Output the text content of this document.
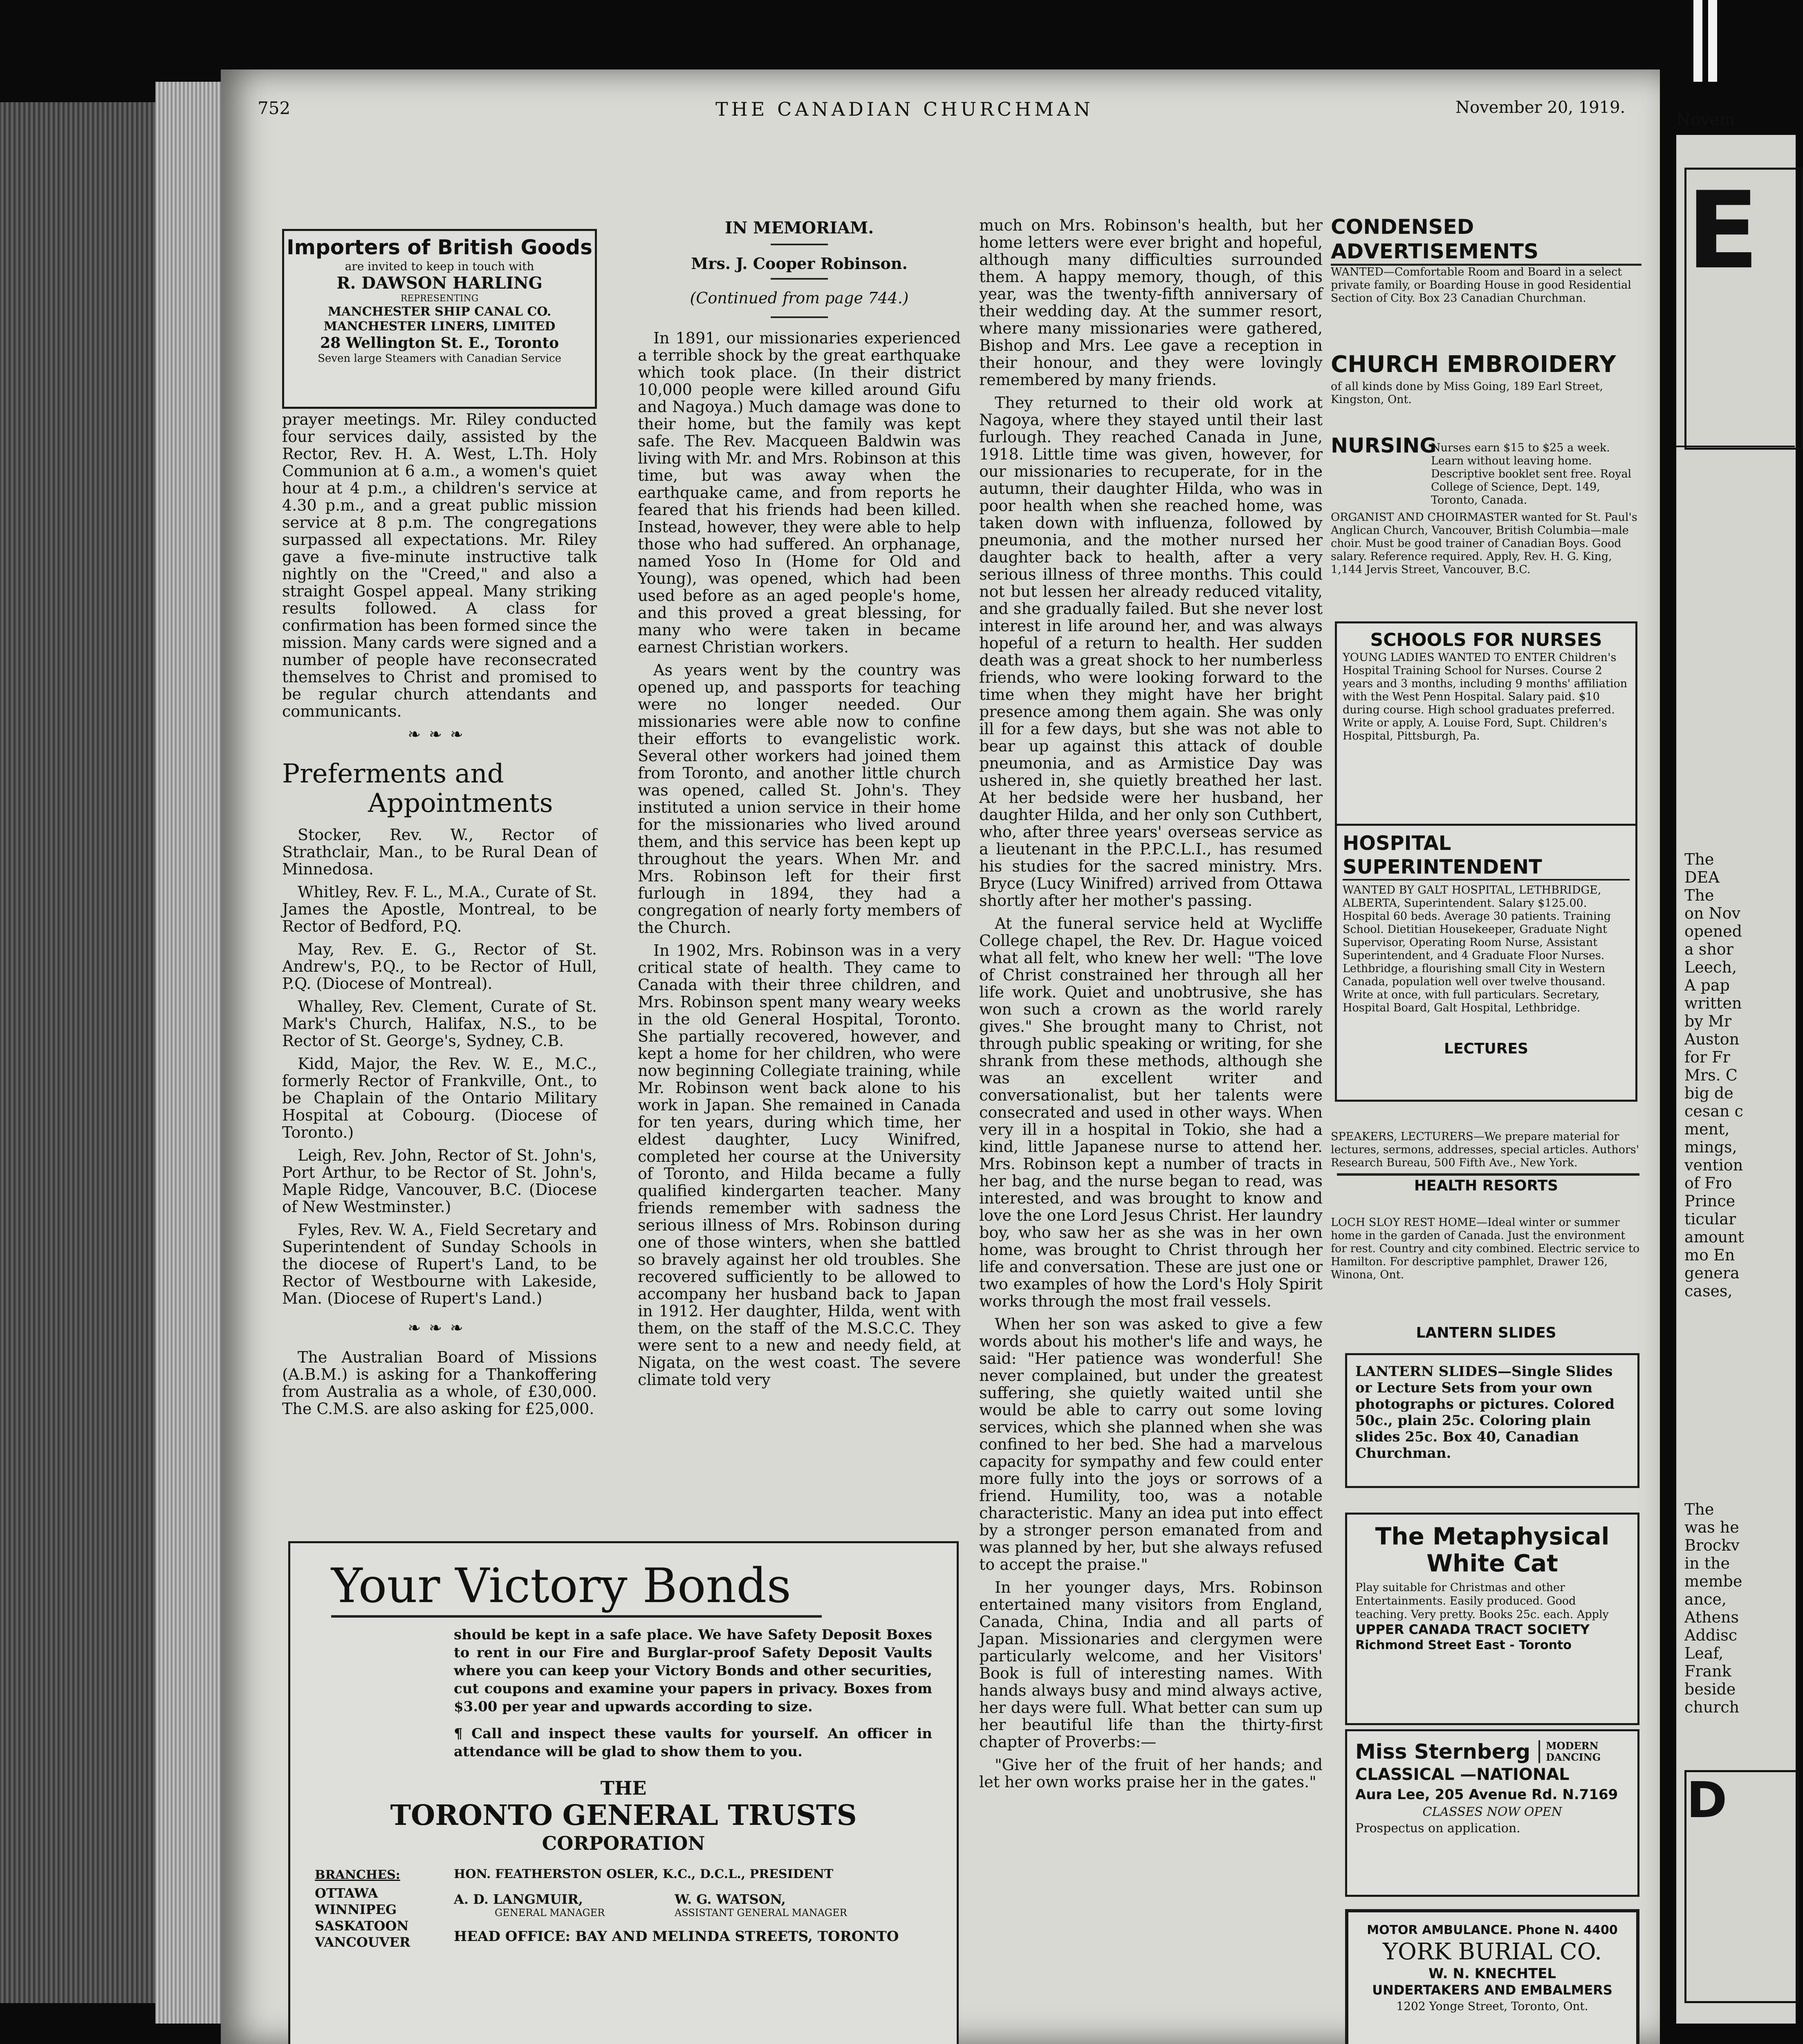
752	THE CANADIAN CHURCHMAN	November 20, 1919.
Importers of British Goods
are invited to keep in touch with
R. DAWSON HARLING
REPRESENTING
MANCHESTER SHIP CANAL CO.
MANCHESTER LINERS, LIMITED
28 Wellington St. E., Toronto
Seven large Steamers with Canadian Service

prayer meetings. Mr. Riley conducted four services daily, assisted by the Rector, Rev. H. A. West, L.Th. Holy Communion at 6 a.m., a women's quiet hour at 4 p.m., a children's service at 4.30 p.m., and a great public mission service at 8 p.m. The congregations surpassed all expectations. Mr. Riley gave a five-minute instructive talk nightly on the "Creed," and also a straight Gospel appeal. Many striking results followed. A class for confirmation has been formed since the mission. Many cards were signed and a number of people have reconsecrated themselves to Christ and promised to be regular church attendants and communicants.

❧❧❧
Preferments and
Appointments

Stocker, Rev. W., Rector of Strathclair, Man., to be Rural Dean of Minnedosa.

Whitley, Rev. F. L., M.A., Curate of St. James the Apostle, Montreal, to be Rector of Bedford, P.Q.

May, Rev. E. G., Rector of St. Andrew's, P.Q., to be Rector of Hull, P.Q. (Diocese of Montreal).

Whalley, Rev. Clement, Curate of St. Mark's Church, Halifax, N.S., to be Rector of St. George's, Sydney, C.B.

Kidd, Major, the Rev. W. E., M.C., formerly Rector of Frankville, Ont., to be Chaplain of the Ontario Military Hospital at Cobourg. (Diocese of Toronto.)

Leigh, Rev. John, Rector of St. John's, Port Arthur, to be Rector of St. John's, Maple Ridge, Vancouver, B.C. (Diocese of New Westminster.)

Fyles, Rev. W. A., Field Secretary and Superintendent of Sunday Schools in the diocese of Rupert's Land, to be Rector of Westbourne with Lakeside, Man. (Diocese of Rupert's Land.)

❧❧❧

The Australian Board of Missions (A.B.M.) is asking for a Thankoffering from Australia as a whole, of £30,000. The C.M.S. are also asking for £25,000.

IN MEMORIAM.
Mrs. J. Cooper Robinson.
(Continued from page 744.)

In 1891, our missionaries experienced a terrible shock by the great earthquake which took place. (In their district 10,000 people were killed around Gifu and Nagoya.) Much damage was done to their home, but the family was kept safe. The Rev. Macqueen Baldwin was living with Mr. and Mrs. Robinson at this time, but was away when the earthquake came, and from reports he feared that his friends had been killed. Instead, however, they were able to help those who had suffered. An orphanage, named Yoso In (Home for Old and Young), was opened, which had been used before as an aged people's home, and this proved a great blessing, for many who were taken in became earnest Christian workers.

As years went by the country was opened up, and passports for teaching were no longer needed. Our missionaries were able now to confine their efforts to evangelistic work. Several other workers had joined them from Toronto, and another little church was opened, called St. John's. They instituted a union service in their home for the missionaries who lived around them, and this service has been kept up throughout the years. When Mr. and Mrs. Robinson left for their first furlough in 1894, they had a congregation of nearly forty members of the Church.

In 1902, Mrs. Robinson was in a very critical state of health. They came to Canada with their three children, and Mrs. Robinson spent many weary weeks in the old General Hospital, Toronto. She partially recovered, however, and kept a home for her children, who were now beginning Collegiate training, while Mr. Robinson went back alone to his work in Japan. She remained in Canada for ten years, during which time, her eldest daughter, Lucy Winifred, completed her course at the University of Toronto, and Hilda became a fully qualified kindergarten teacher. Many friends remember with sadness the serious illness of Mrs. Robinson during one of those winters, when she battled so bravely against her old troubles. She recovered sufficiently to be allowed to accompany her husband back to Japan in 1912. Her daughter, Hilda, went with them, on the staff of the M.S.C.C. They were sent to a new and needy field, at Nigata, on the west coast. The severe climate told very

much on Mrs. Robinson's health, but her home letters were ever bright and hopeful, although many difficulties surrounded them. A happy memory, though, of this year, was the twenty-fifth anniversary of their wedding day. At the summer resort, where many missionaries were gathered, Bishop and Mrs. Lee gave a reception in their honour, and they were lovingly remembered by many friends.

They returned to their old work at Nagoya, where they stayed until their last furlough. They reached Canada in June, 1918. Little time was given, however, for our missionaries to recuperate, for in the autumn, their daughter Hilda, who was in poor health when she reached home, was taken down with influenza, followed by pneumonia, and the mother nursed her daughter back to health, after a very serious illness of three months. This could not but lessen her already reduced vitality, and she gradually failed. But she never lost interest in life around her, and was always hopeful of a return to health. Her sudden death was a great shock to her numberless friends, who were looking forward to the time when they might have her bright presence among them again. She was only ill for a few days, but she was not able to bear up against this attack of double pneumonia, and as Armistice Day was ushered in, she quietly breathed her last. At her bedside were her husband, her daughter Hilda, and her only son Cuthbert, who, after three years' overseas service as a lieutenant in the P.P.C.L.I., has resumed his studies for the sacred ministry. Mrs. Bryce (Lucy Winifred) arrived from Ottawa shortly after her mother's passing.

At the funeral service held at Wycliffe College chapel, the Rev. Dr. Hague voiced what all felt, who knew her well: "The love of Christ constrained her through all her life work. Quiet and unobtrusive, she has won such a crown as the world rarely gives." She brought many to Christ, not through public speaking or writing, for she shrank from these methods, although she was an excellent writer and conversationalist, but her talents were consecrated and used in other ways. When very ill in a hospital in Tokio, she had a kind, little Japanese nurse to attend her. Mrs. Robinson kept a number of tracts in her bag, and the nurse began to read, was interested, and was brought to know and love the one Lord Jesus Christ. Her laundry boy, who saw her as she was in her own home, was brought to Christ through her life and conversation. These are just one or two examples of how the Lord's Holy Spirit works through the most frail vessels.

When her son was asked to give a few words about his mother's life and ways, he said: "Her patience was wonderful! She never complained, but under the greatest suffering, she quietly waited until she would be able to carry out some loving services, which she planned when she was confined to her bed. She had a marvelous capacity for sympathy and few could enter more fully into the joys or sorrows of a friend. Humility, too, was a notable characteristic. Many an idea put into effect by a stronger person emanated from and was planned by her, but she always refused to accept the praise."

In her younger days, Mrs. Robinson entertained many visitors from England, Canada, China, India and all parts of Japan. Missionaries and clergymen were particularly welcome, and her Visitors' Book is full of interesting names. With hands always busy and mind always active, her days were full. What better can sum up her beautiful life than the thirty-first chapter of Proverbs:—

"Give her of the fruit of her hands; and let her own works praise her in the gates."

Your Victory Bonds
should be kept in a safe place. We have Safety Deposit Boxes to rent in our Fire and Burglar-proof Safety Deposit Vaults where you can keep your Victory Bonds and other securities, cut coupons and examine your papers in privacy. Boxes from $3.00 per year and upwards according to size.
¶ Call and inspect these vaults for yourself. An officer in attendance will be glad to show them to you.
THE
TORONTO GENERAL TRUSTS
CORPORATION
BRANCHES:
OTTAWA
WINNIPEG
SASKATOON
VANCOUVER
HON. FEATHERSTON OSLER, K.C., D.C.L., PRESIDENT
A. D. LANGMUIR,
GENERAL MANAGER
W. G. WATSON,
ASSISTANT GENERAL MANAGER
HEAD OFFICE: BAY AND MELINDA STREETS, TORONTO
CONDENSED ADVERTISEMENTS
WANTED—Comfortable Room and Board in a select private family, or Boarding House in good Residential Section of City. Box 23 Canadian Churchman.
CHURCH EMBROIDERY
of all kinds done by Miss Going, 189 Earl Street, Kingston, Ont.
NURSING
Nurses earn $15 to $25 a week. Learn without leaving home. Descriptive booklet sent free. Royal College of Science, Dept. 149, Toronto, Canada.
ORGANIST AND CHOIRMASTER wanted for St. Paul's Anglican Church, Vancouver, British Columbia—male choir. Must be good trainer of Canadian Boys. Good salary. Reference required. Apply, Rev. H. G. King, 1,144 Jervis Street, Vancouver, B.C.
SCHOOLS FOR NURSES
YOUNG LADIES WANTED TO ENTER Children's Hospital Training School for Nurses. Course 2 years and 3 months, including 9 months' affiliation with the West Penn Hospital. Salary paid. $10 during course. High school graduates preferred. Write or apply, A. Louise Ford, Supt. Children's Hospital, Pittsburgh, Pa.
HOSPITAL SUPERINTENDENT
WANTED BY GALT HOSPITAL, LETHBRIDGE, ALBERTA, Superintendent. Salary $125.00. Hospital 60 beds. Average 30 patients. Training School. Dietitian Housekeeper, Graduate Night Supervisor, Operating Room Nurse, Assistant Superintendent, and 4 Graduate Floor Nurses. Lethbridge, a flourishing small City in Western Canada, population well over twelve thousand. Write at once, with full particulars. Secretary, Hospital Board, Galt Hospital, Lethbridge.
LECTURES
SPEAKERS, LECTURERS—We prepare material for lectures, sermons, addresses, special articles. Authors' Research Bureau, 500 Fifth Ave., New York.
HEALTH RESORTS
LOCH SLOY REST HOME—Ideal winter or summer home in the garden of Canada. Just the environment for rest. Country and city combined. Electric service to Hamilton. For descriptive pamphlet, Drawer 126, Winona, Ont.
LANTERN SLIDES
LANTERN SLIDES—Single Slides or Lecture Sets from your own photographs or pictures. Colored 50c., plain 25c. Coloring plain slides 25c. Box 40, Canadian Churchman.
The Metaphysical
White Cat
Play suitable for Christmas and other Entertainments. Easily produced. Good teaching. Very pretty. Books 25c. each. Apply
UPPER CANADA TRACT SOCIETY
Richmond Street East - Toronto
Miss Sternberg	MODERN DANCING
CLASSICAL —NATIONAL
Aura Lee, 205 Avenue Rd. N.7169
CLASSES NOW OPEN
Prospectus on application.
MOTOR AMBULANCE. Phone N. 4400
YORK BURIAL CO.
W. N. KNECHTEL
UNDERTAKERS AND EMBALMERS
1202 Yonge Street, Toronto, Ont.
Novem
E
The
DEA
The
on Nov
opened
a shor
Leech,
A pap
written
by Mr
Auston
for Fr
Mrs. C
big de
cesan c
ment,
mings,
vention
of Fro
Prince
ticular
amount
mo En
genera
cases,
The
was he
Brockv
in the
membe
ance,
Athens
Addisc
Leaf,
Frank
beside
church
D
